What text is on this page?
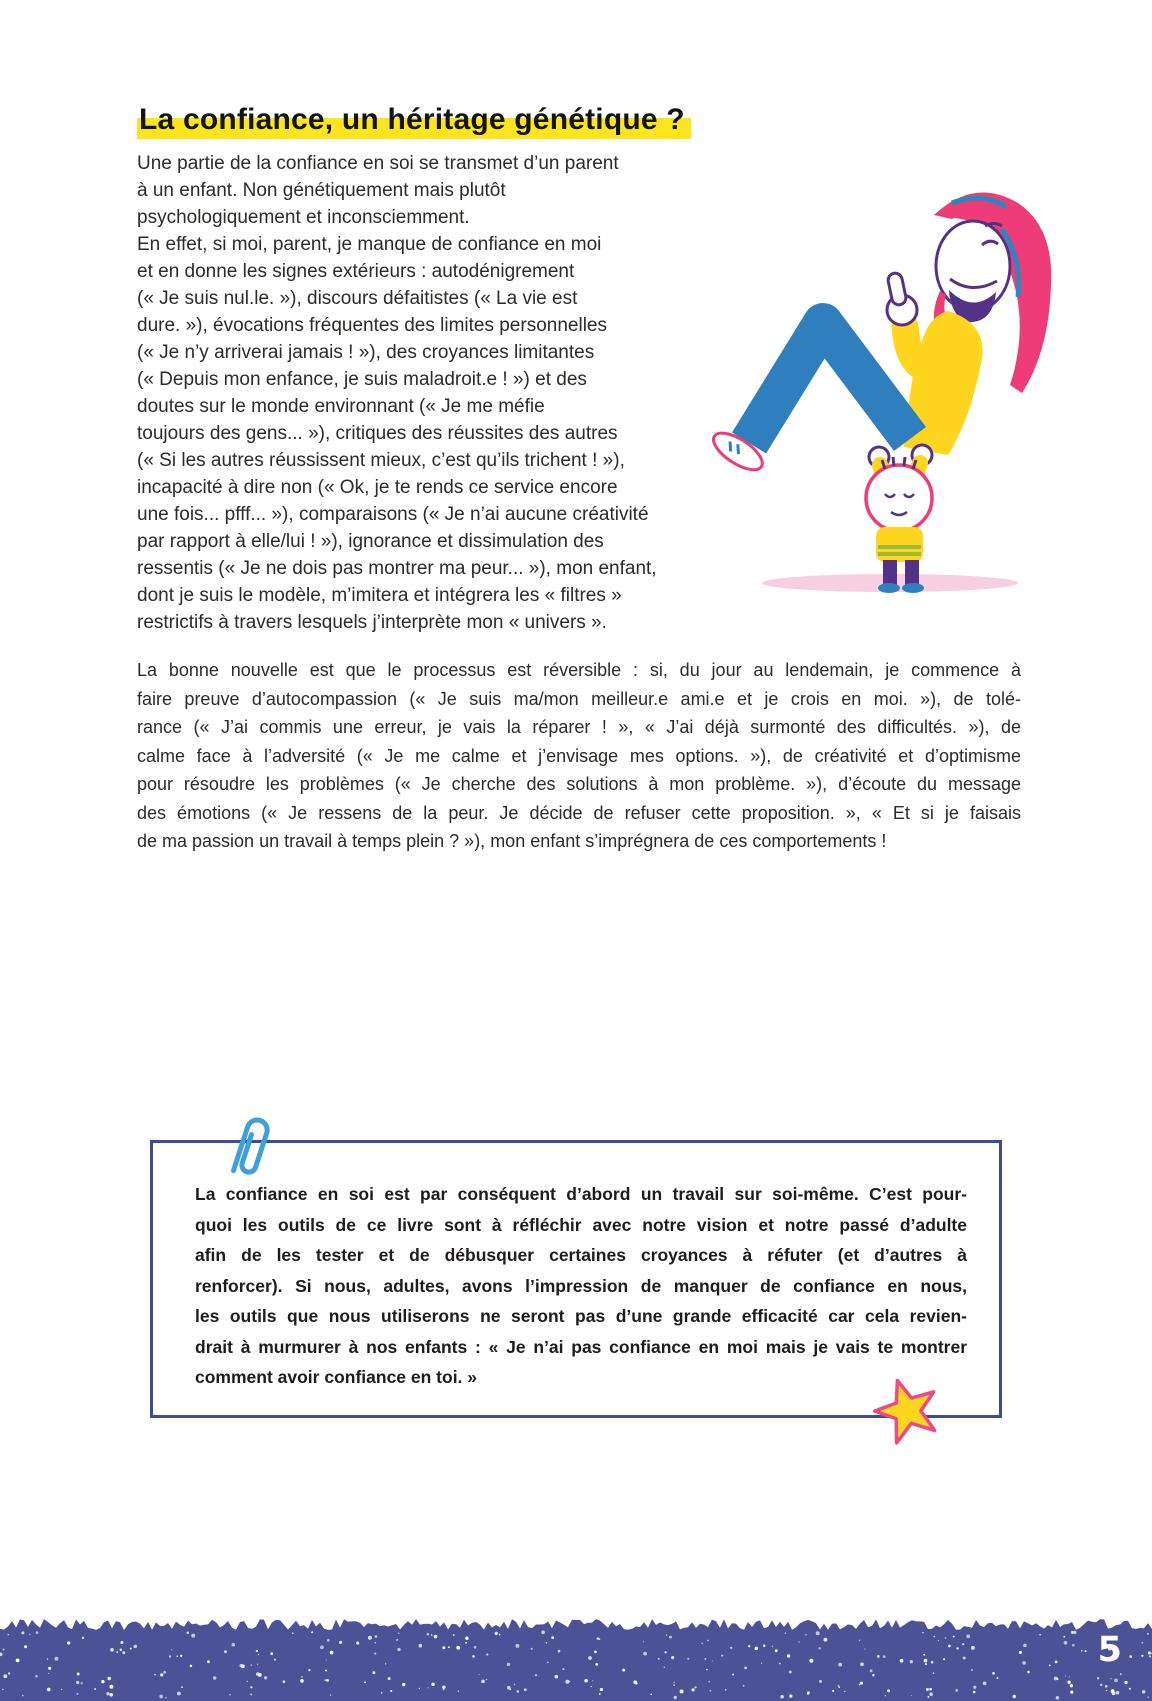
La confiance, un héritage génétique ?
Une partie de la confiance en soi se transmet d’un parent
à un enfant. Non génétiquement mais plutôt
psychologiquement et inconsciemment.
En effet, si moi, parent, je manque de confiance en moi
et en donne les signes extérieurs : autodénigrement
(« Je suis nul.le. »), discours défaitistes (« La vie est
dure. »), évocations fréquentes des limites personnelles
(« Je n’y arriverai jamais ! »), des croyances limitantes
(« Depuis mon enfance, je suis maladroit.e ! ») et des
doutes sur le monde environnant (« Je me méfie
toujours des gens... »), critiques des réussites des autres
(« Si les autres réussissent mieux, c’est qu’ils trichent ! »),
incapacité à dire non (« Ok, je te rends ce service encore
une fois... pfff... »), comparaisons (« Je n’ai aucune créativité
par rapport à elle/lui ! »), ignorance et dissimulation des
ressentis (« Je ne dois pas montrer ma peur... »), mon enfant,
dont je suis le modèle, m’imitera et intégrera les « filtres »
restrictifs à travers lesquels j’interprète mon « univers ».
La bonne nouvelle est que le processus est réversible : si, du jour au lendemain, je commence à
faire preuve d’autocompassion (« Je suis ma/mon meilleur.e ami.e et je crois en moi. »), de tolé-
rance (« J’ai commis une erreur, je vais la réparer ! », « J’ai déjà surmonté des difficultés. »), de
calme face à l’adversité (« Je me calme et j’envisage mes options. »), de créativité et d’optimisme
pour résoudre les problèmes (« Je cherche des solutions à mon problème. »), d’écoute du message
des émotions (« Je ressens de la peur. Je décide de refuser cette proposition. », « Et si je faisais
de ma passion un travail à temps plein ? »), mon enfant s’imprégnera de ces comportements !
La confiance en soi est par conséquent d’abord un travail sur soi-même. C’est pour-
quoi les outils de ce livre sont à réfléchir avec notre vision et notre passé d’adulte
afin de les tester et de débusquer certaines croyances à réfuter (et d’autres à
renforcer). Si nous, adultes, avons l’impression de manquer de confiance en nous,
les outils que nous utiliserons ne seront pas d’une grande efficacité car cela revien-
drait à murmurer à nos enfants : « Je n’ai pas confiance en moi mais je vais te montrer
comment avoir confiance en toi. »
5
